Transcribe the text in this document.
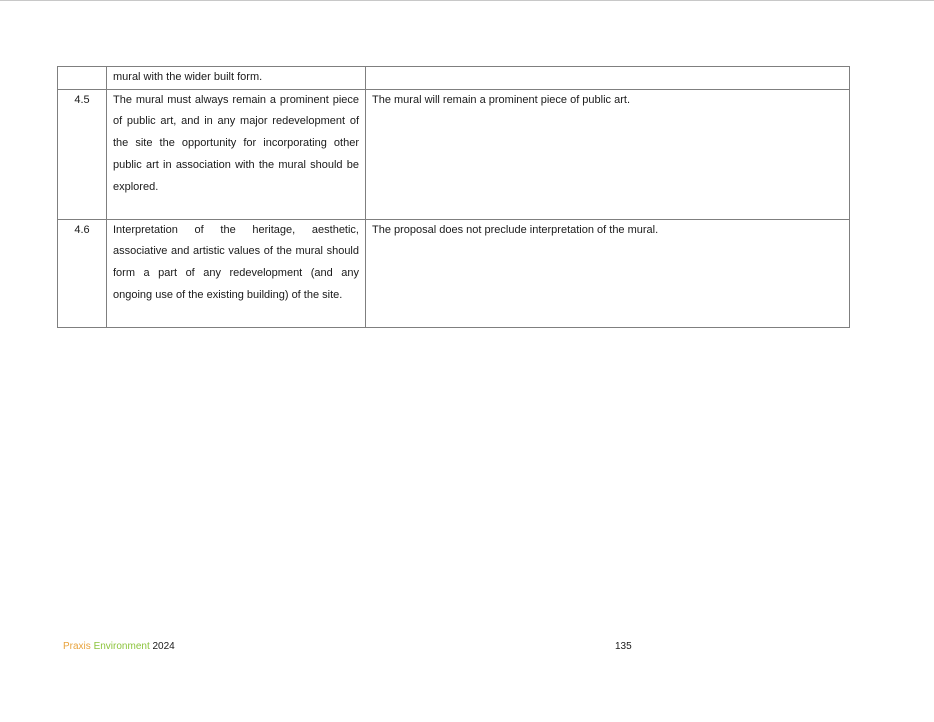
	mural with the wider built form.	
4.5	The mural must always remain a prominent piece of public art, and in any major redevelopment of the site the opportunity for incorporating other public art in association with the mural should be explored.	The mural will remain a prominent piece of public art.
4.6	Interpretation of the heritage, aesthetic, associative and artistic values of the mural should form a part of any redevelopment (and any ongoing use of the existing building) of the site.	The proposal does not preclude interpretation of the mural.
Praxis Environment 2024	135
